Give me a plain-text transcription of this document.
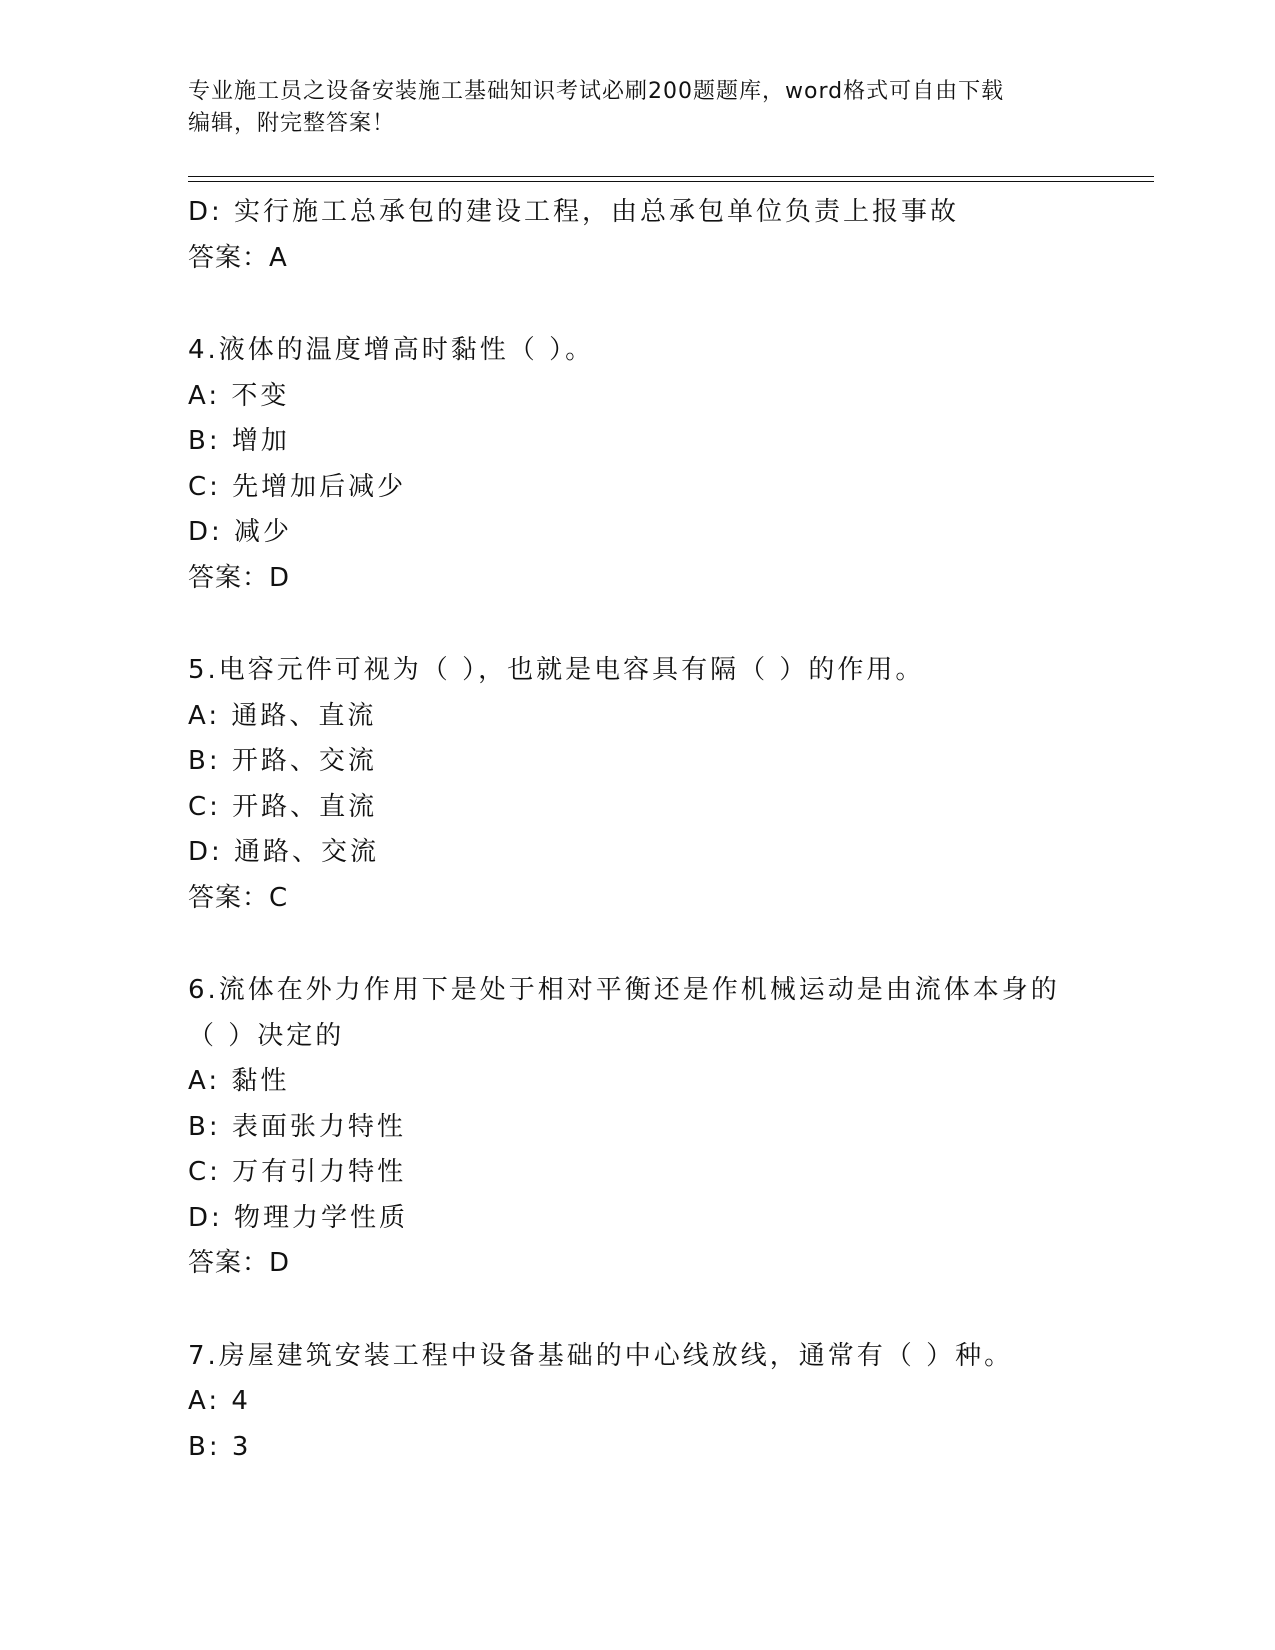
专业施工员之设备安装施工基础知识考试必刷200题题库，word格式可自由下载
编辑，附完整答案！
D: 实行施工总承包的建设工程，由总承包单位负责上报事故
答案：A
4.液体的温度增高时黏性（ ）。
A: 不变
B: 增加
C: 先增加后减少
D: 减少
答案：D
5.电容元件可视为（ ），也就是电容具有隔（ ）的作用。
A: 通路、直流
B: 开路、交流
C: 开路、直流
D: 通路、交流
答案：C
6.流体在外力作用下是处于相对平衡还是作机械运动是由流体本身的
（ ）决定的
A: 黏性
B: 表面张力特性
C: 万有引力特性
D: 物理力学性质
答案：D
7.房屋建筑安装工程中设备基础的中心线放线，通常有（ ）种。
A: 4
B: 3
